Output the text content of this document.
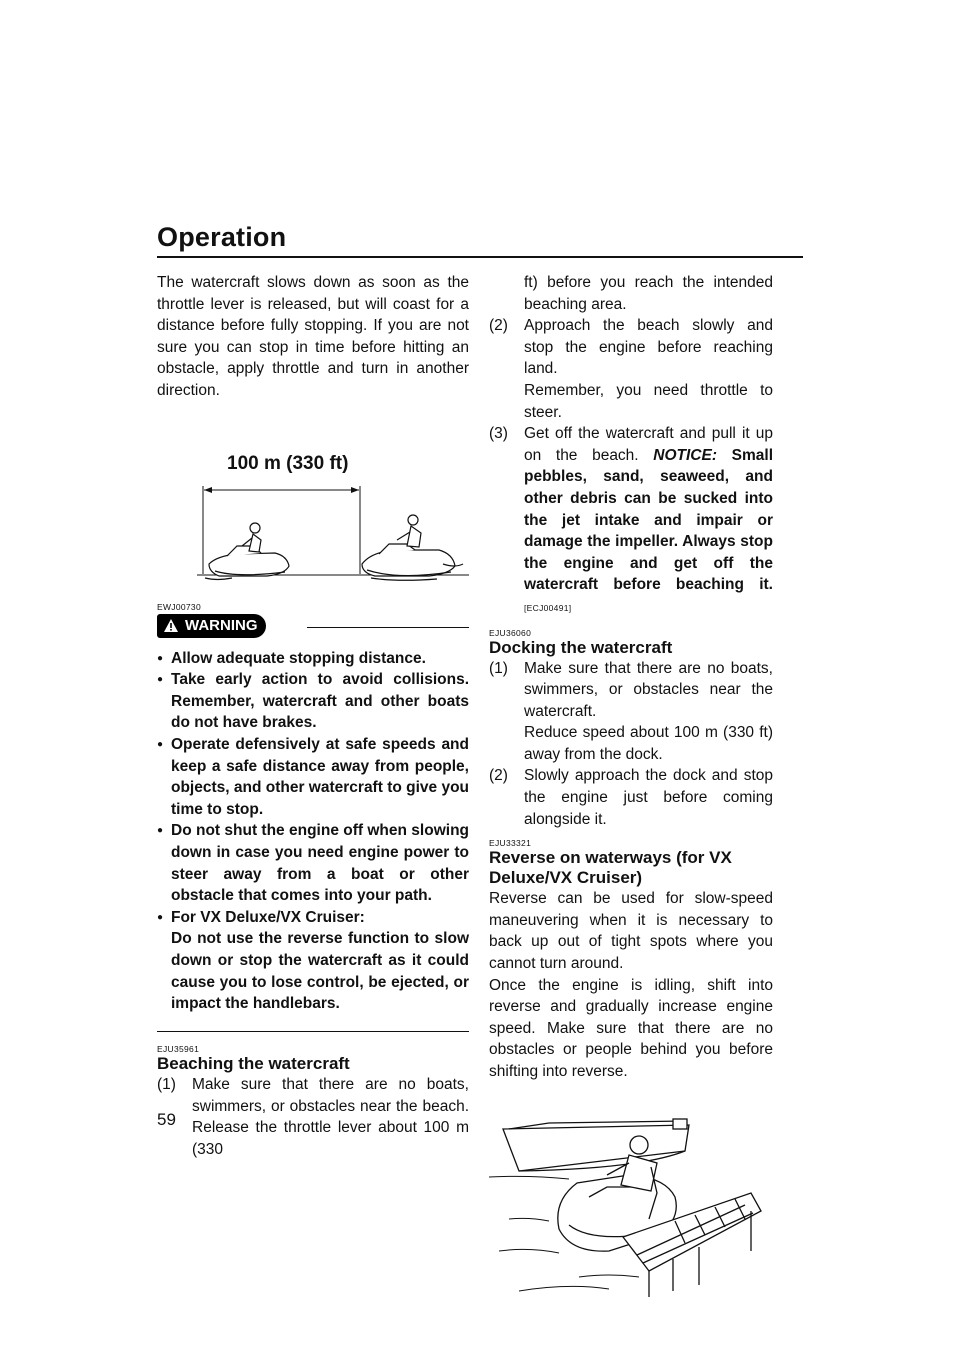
Operation

The watercraft slows down as soon as the throttle lever is released, but will coast for a distance before fully stopping. If you are not sure you can stop in time before hitting an obstacle, apply throttle and turn in another direction.

100 m (330 ft)
EWJ00730
WARNING
● Allow adequate stopping distance.
● Take early action to avoid collisions. Remember, watercraft and other boats do not have brakes.
● Operate defensively at safe speeds and keep a safe distance away from people, objects, and other watercraft to give you time to stop.
● Do not shut the engine off when slowing down in case you need engine power to steer away from a boat or other obstacle that comes into your path.
● For VX Deluxe/VX Cruiser:
Do not use the reverse function to slow down or stop the watercraft as it could cause you to lose control, be ejected, or impact the handlebars.
EJU35961
Beaching the watercraft

(1) Make sure that there are no boats, swimmers, or obstacles near the beach. Release the throttle lever about 100 m (330

ft) before you reach the intended beaching area.

(2) Approach the beach slowly and stop the engine before reaching land.
Remember, you need throttle to steer.

(3) Get off the watercraft and pull it up on the beach. NOTICE: Small pebbles, sand, seaweed, and other debris can be sucked into the jet intake and impair or damage the impeller. Always stop the engine and get off the watercraft before beaching it. [ECJ00491]

EJU36060
Docking the watercraft

(1) Make sure that there are no boats, swimmers, or obstacles near the watercraft.
Reduce speed about 100 m (330 ft) away from the dock.

(2) Slowly approach the dock and stop the engine just before coming alongside it.

EJU33321
Reverse on waterways (for VX Deluxe/VX Cruiser)

Reverse can be used for slow-speed maneuvering when it is necessary to back up out of tight spots where you cannot turn around.

Once the engine is idling, shift into reverse and gradually increase engine speed. Make sure that there are no obstacles or people behind you before shifting into reverse.

59
